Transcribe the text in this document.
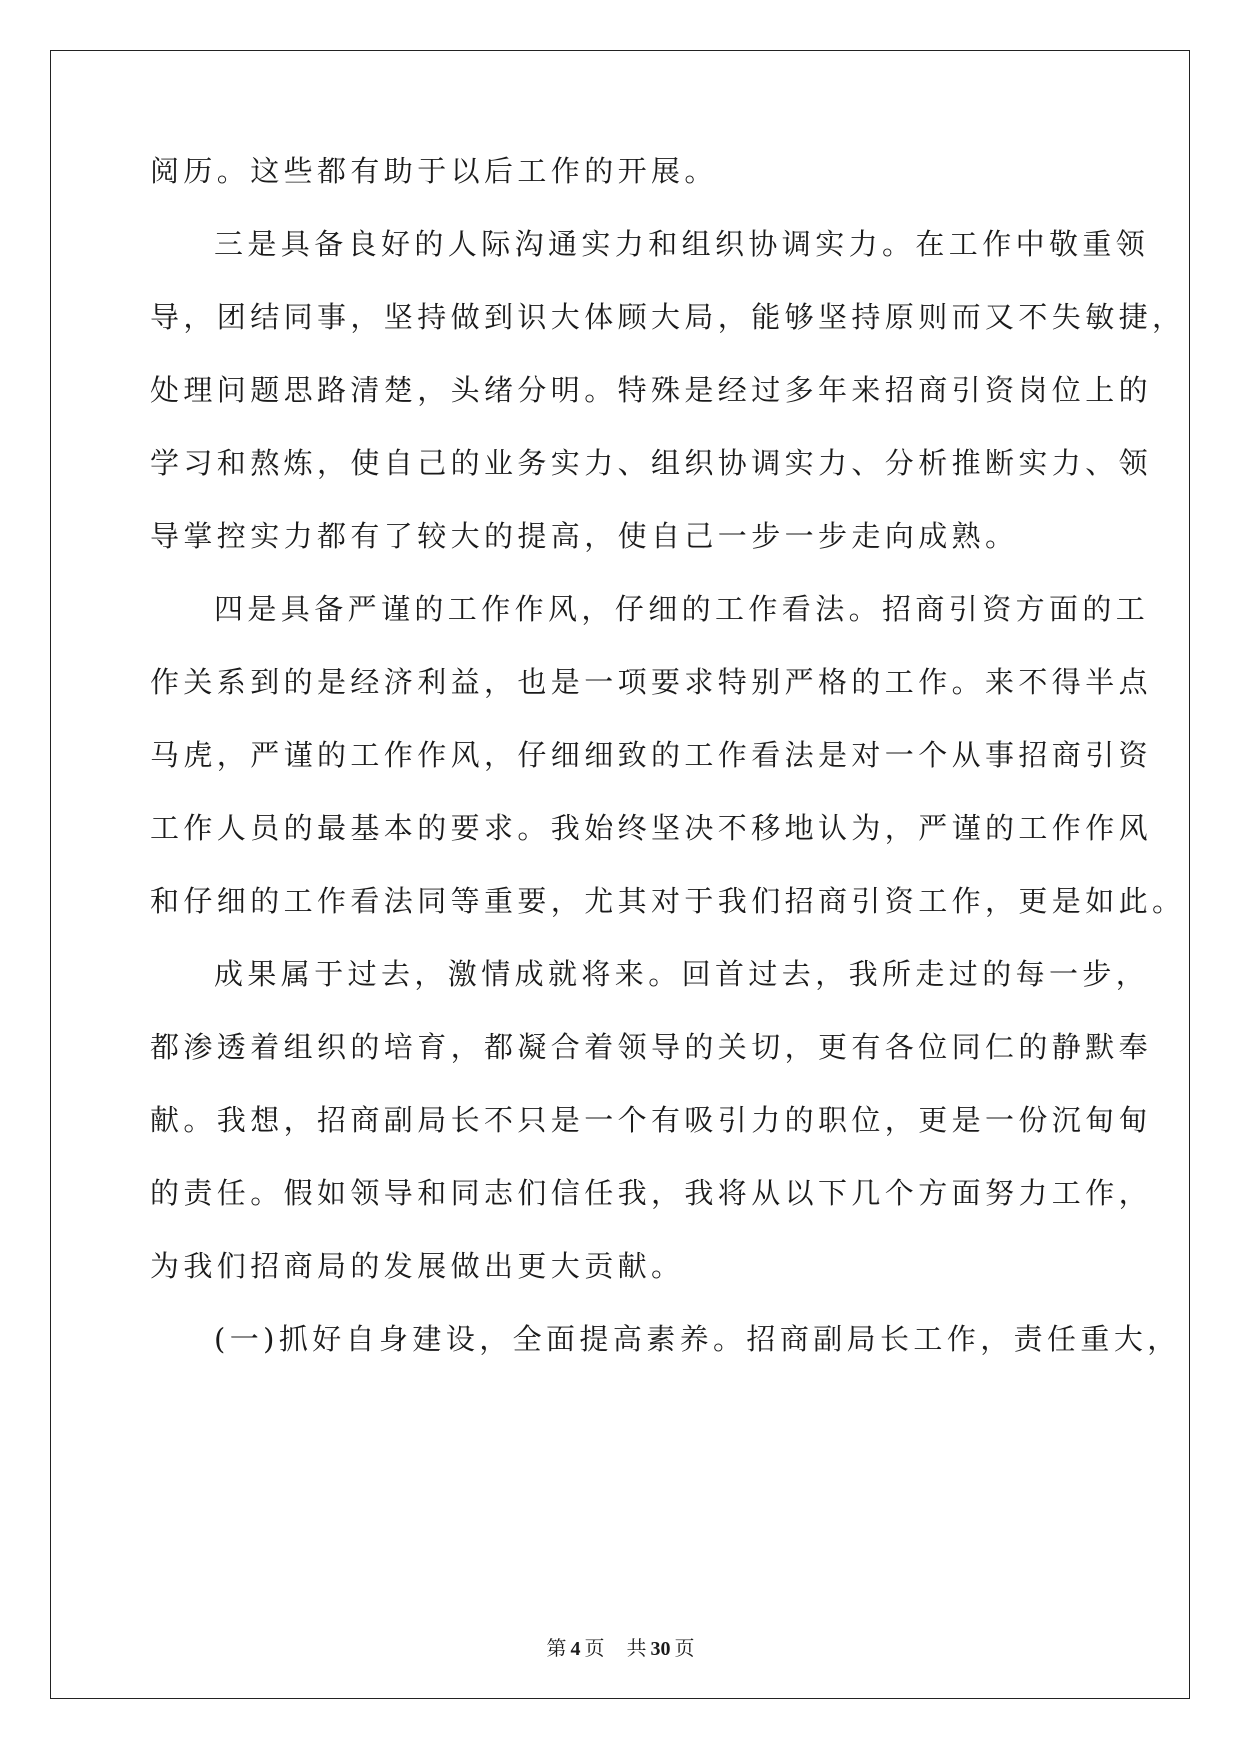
阅历。这些都有助于以后工作的开展。

三是具备良好的人际沟通实力和组织协调实力。在工作中敬重领

导，团结同事，坚持做到识大体顾大局，能够坚持原则而又不失敏捷，

处理问题思路清楚，头绪分明。特殊是经过多年来招商引资岗位上的

学习和熬炼，使自己的业务实力、组织协调实力、分析推断实力、领

导掌控实力都有了较大的提高，使自己一步一步走向成熟。

四是具备严谨的工作作风，仔细的工作看法。招商引资方面的工

作关系到的是经济利益，也是一项要求特别严格的工作。来不得半点

马虎，严谨的工作作风，仔细细致的工作看法是对一个从事招商引资

工作人员的最基本的要求。我始终坚决不移地认为，严谨的工作作风

和仔细的工作看法同等重要，尤其对于我们招商引资工作，更是如此。

成果属于过去，激情成就将来。回首过去，我所走过的每一步，

都渗透着组织的培育，都凝合着领导的关切，更有各位同仁的静默奉

献。我想，招商副局长不只是一个有吸引力的职位，更是一份沉甸甸

的责任。假如领导和同志们信任我，我将从以下几个方面努力工作，

为我们招商局的发展做出更大贡献。

(一)抓好自身建设，全面提高素养。招商副局长工作，责任重大，

第 4 页 共 30 页
